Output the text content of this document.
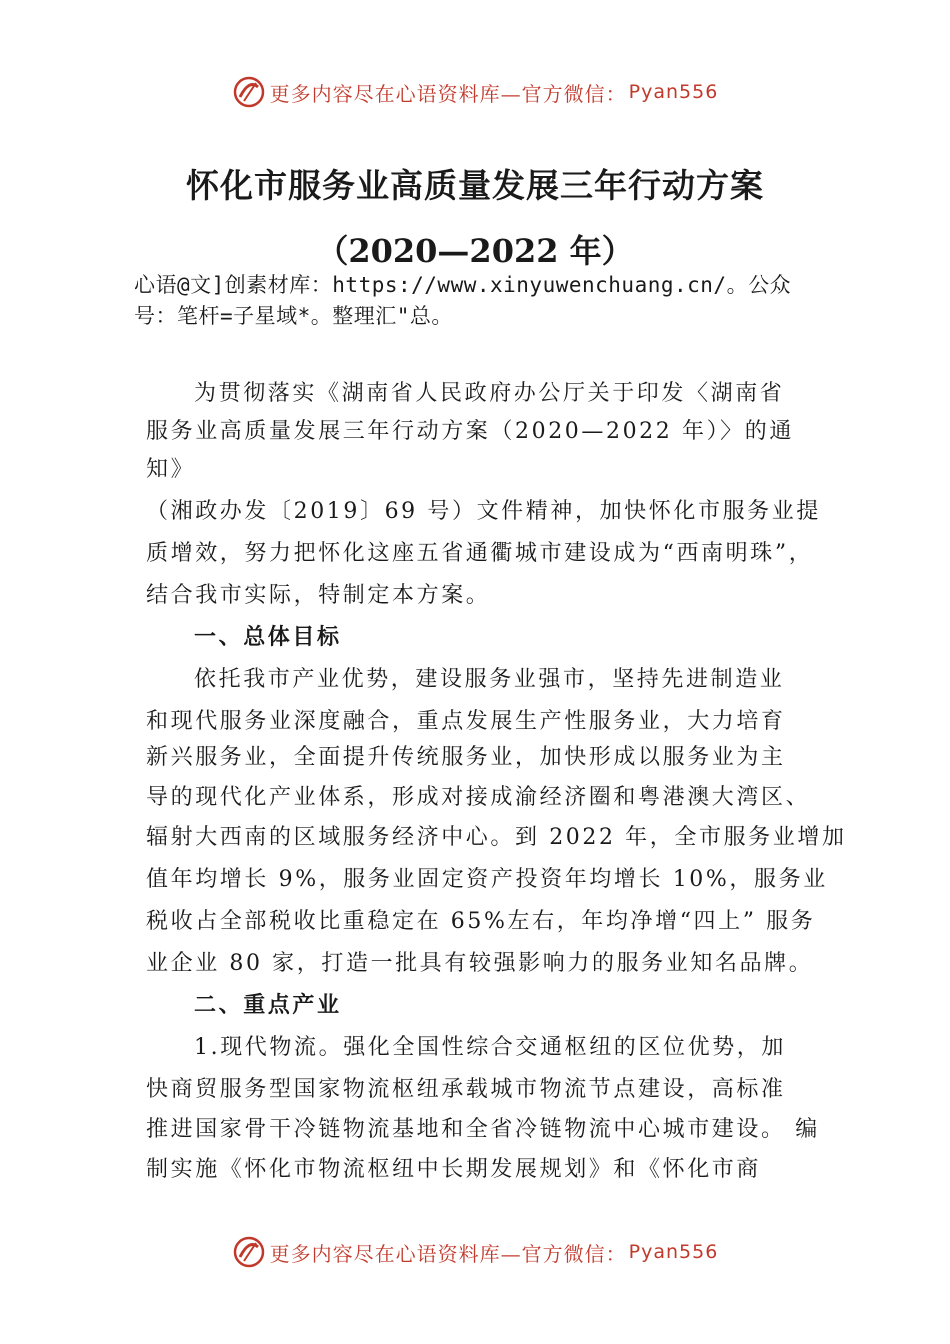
更多内容尽在心语资料库—官方微信： Pyan556
怀化市服务业高质量发展三年行动方案
（2020—2022 年）
心语@文]创素材库：https://www.xinyuwenchuang.cn/。公众号：笔杆=子星域*。整理汇"总。
为贯彻落实《湖南省人民政府办公厅关于印发〈湖南省
服务业高质量发展三年行动方案（2020—2022 年）〉的通
知》
（湘政办发〔2019〕69 号）文件精神，加快怀化市服务业提
质增效，努力把怀化这座五省通衢城市建设成为“西南明珠”，
结合我市实际，特制定本方案。
一、总体目标
依托我市产业优势，建设服务业强市，坚持先进制造业
和现代服务业深度融合，重点发展生产性服务业，大力培育
新兴服务业，全面提升传统服务业，加快形成以服务业为主
导的现代化产业体系，形成对接成渝经济圈和粤港澳大湾区、
辐射大西南的区域服务经济中心。到 2022 年，全市服务业增加
值年均增长 9%，服务业固定资产投资年均增长 10%，服务业
税收占全部税收比重稳定在 65%左右，年均净增“四上” 服务
业企业 80 家，打造一批具有较强影响力的服务业知名品牌。
二、重点产业
1.现代物流。强化全国性综合交通枢纽的区位优势，加
快商贸服务型国家物流枢纽承载城市物流节点建设，高标准
推进国家骨干冷链物流基地和全省冷链物流中心城市建设。 编
制实施《怀化市物流枢纽中长期发展规划》和《怀化市商
更多内容尽在心语资料库—官方微信： Pyan556
